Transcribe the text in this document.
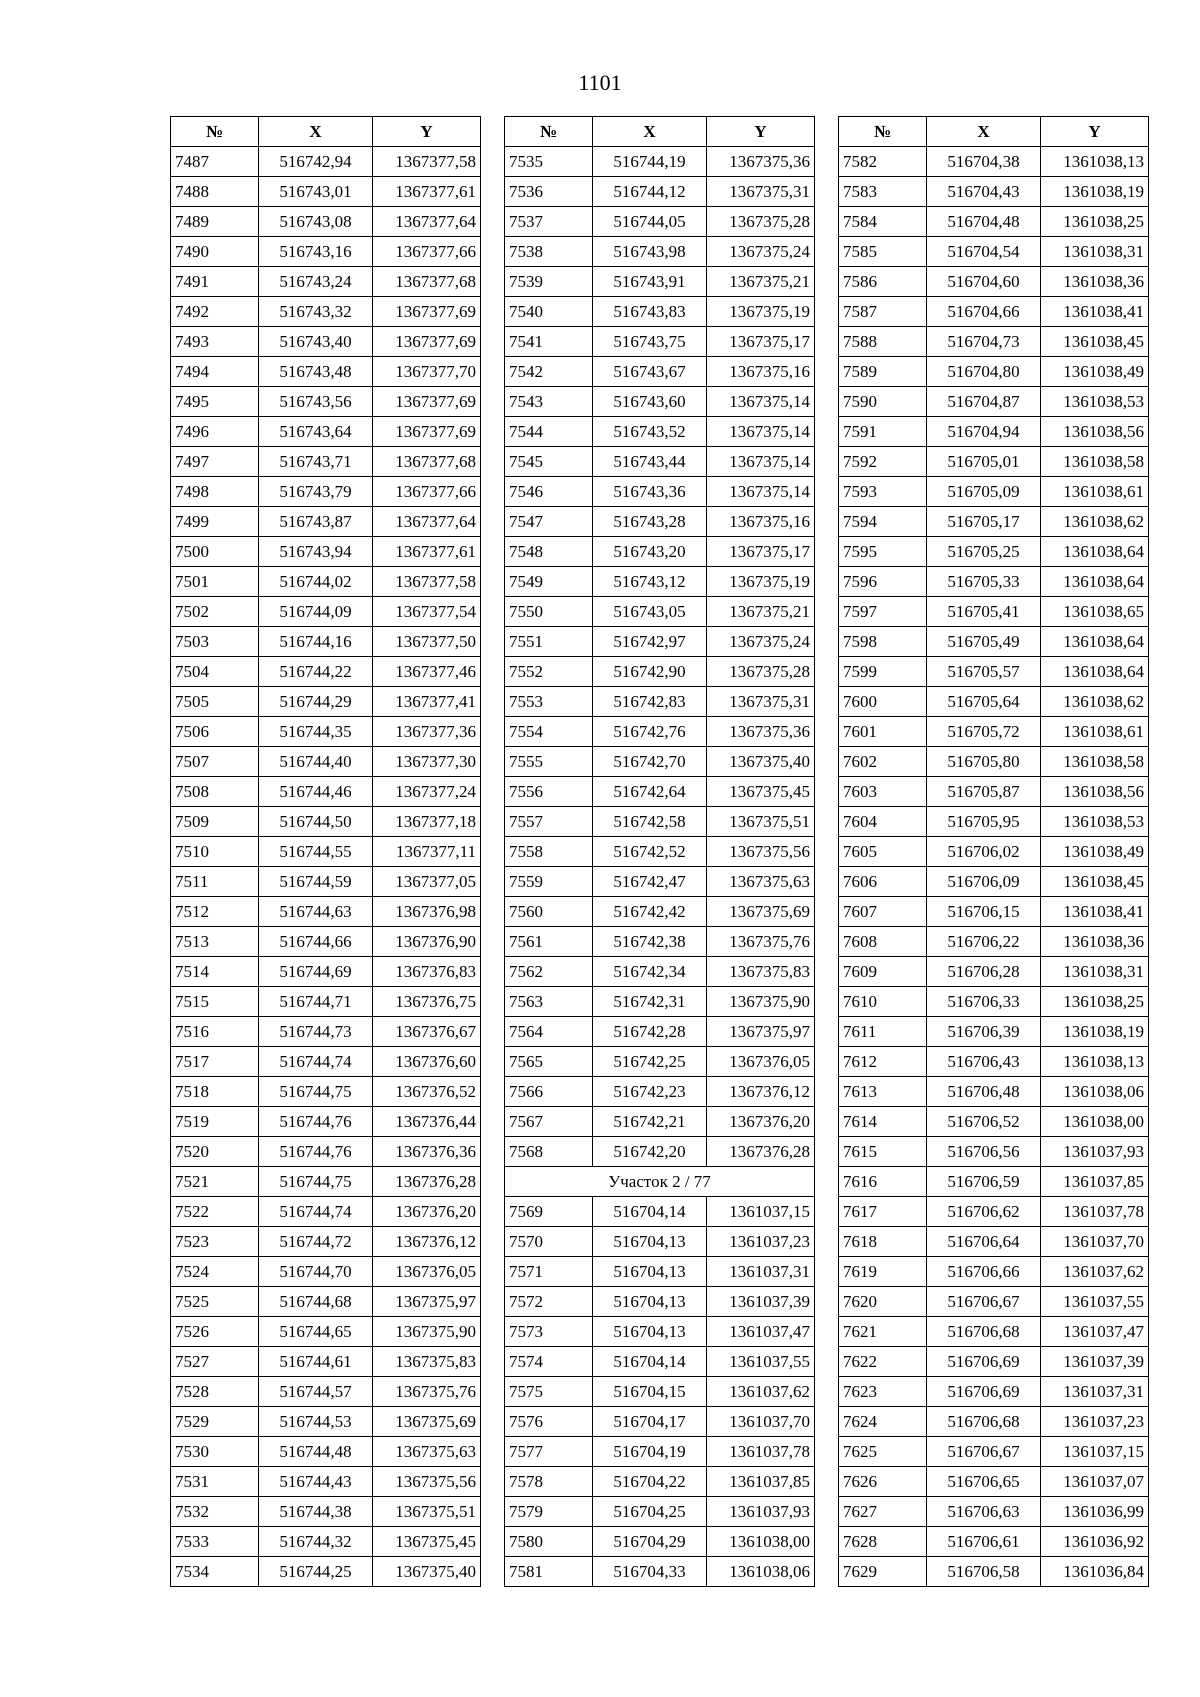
1101
№	X	Y
7487	516742,94	1367377,58
7488	516743,01	1367377,61
7489	516743,08	1367377,64
7490	516743,16	1367377,66
7491	516743,24	1367377,68
7492	516743,32	1367377,69
7493	516743,40	1367377,69
7494	516743,48	1367377,70
7495	516743,56	1367377,69
7496	516743,64	1367377,69
7497	516743,71	1367377,68
7498	516743,79	1367377,66
7499	516743,87	1367377,64
7500	516743,94	1367377,61
7501	516744,02	1367377,58
7502	516744,09	1367377,54
7503	516744,16	1367377,50
7504	516744,22	1367377,46
7505	516744,29	1367377,41
7506	516744,35	1367377,36
7507	516744,40	1367377,30
7508	516744,46	1367377,24
7509	516744,50	1367377,18
7510	516744,55	1367377,11
7511	516744,59	1367377,05
7512	516744,63	1367376,98
7513	516744,66	1367376,90
7514	516744,69	1367376,83
7515	516744,71	1367376,75
7516	516744,73	1367376,67
7517	516744,74	1367376,60
7518	516744,75	1367376,52
7519	516744,76	1367376,44
7520	516744,76	1367376,36
7521	516744,75	1367376,28
7522	516744,74	1367376,20
7523	516744,72	1367376,12
7524	516744,70	1367376,05
7525	516744,68	1367375,97
7526	516744,65	1367375,90
7527	516744,61	1367375,83
7528	516744,57	1367375,76
7529	516744,53	1367375,69
7530	516744,48	1367375,63
7531	516744,43	1367375,56
7532	516744,38	1367375,51
7533	516744,32	1367375,45
7534	516744,25	1367375,40
№	X	Y
7535	516744,19	1367375,36
7536	516744,12	1367375,31
7537	516744,05	1367375,28
7538	516743,98	1367375,24
7539	516743,91	1367375,21
7540	516743,83	1367375,19
7541	516743,75	1367375,17
7542	516743,67	1367375,16
7543	516743,60	1367375,14
7544	516743,52	1367375,14
7545	516743,44	1367375,14
7546	516743,36	1367375,14
7547	516743,28	1367375,16
7548	516743,20	1367375,17
7549	516743,12	1367375,19
7550	516743,05	1367375,21
7551	516742,97	1367375,24
7552	516742,90	1367375,28
7553	516742,83	1367375,31
7554	516742,76	1367375,36
7555	516742,70	1367375,40
7556	516742,64	1367375,45
7557	516742,58	1367375,51
7558	516742,52	1367375,56
7559	516742,47	1367375,63
7560	516742,42	1367375,69
7561	516742,38	1367375,76
7562	516742,34	1367375,83
7563	516742,31	1367375,90
7564	516742,28	1367375,97
7565	516742,25	1367376,05
7566	516742,23	1367376,12
7567	516742,21	1367376,20
7568	516742,20	1367376,28
Участок 2 / 77		
7569	516704,14	1361037,15
7570	516704,13	1361037,23
7571	516704,13	1361037,31
7572	516704,13	1361037,39
7573	516704,13	1361037,47
7574	516704,14	1361037,55
7575	516704,15	1361037,62
7576	516704,17	1361037,70
7577	516704,19	1361037,78
7578	516704,22	1361037,85
7579	516704,25	1361037,93
7580	516704,29	1361038,00
7581	516704,33	1361038,06
№	X	Y
7582	516704,38	1361038,13
7583	516704,43	1361038,19
7584	516704,48	1361038,25
7585	516704,54	1361038,31
7586	516704,60	1361038,36
7587	516704,66	1361038,41
7588	516704,73	1361038,45
7589	516704,80	1361038,49
7590	516704,87	1361038,53
7591	516704,94	1361038,56
7592	516705,01	1361038,58
7593	516705,09	1361038,61
7594	516705,17	1361038,62
7595	516705,25	1361038,64
7596	516705,33	1361038,64
7597	516705,41	1361038,65
7598	516705,49	1361038,64
7599	516705,57	1361038,64
7600	516705,64	1361038,62
7601	516705,72	1361038,61
7602	516705,80	1361038,58
7603	516705,87	1361038,56
7604	516705,95	1361038,53
7605	516706,02	1361038,49
7606	516706,09	1361038,45
7607	516706,15	1361038,41
7608	516706,22	1361038,36
7609	516706,28	1361038,31
7610	516706,33	1361038,25
7611	516706,39	1361038,19
7612	516706,43	1361038,13
7613	516706,48	1361038,06
7614	516706,52	1361038,00
7615	516706,56	1361037,93
7616	516706,59	1361037,85
7617	516706,62	1361037,78
7618	516706,64	1361037,70
7619	516706,66	1361037,62
7620	516706,67	1361037,55
7621	516706,68	1361037,47
7622	516706,69	1361037,39
7623	516706,69	1361037,31
7624	516706,68	1361037,23
7625	516706,67	1361037,15
7626	516706,65	1361037,07
7627	516706,63	1361036,99
7628	516706,61	1361036,92
7629	516706,58	1361036,84
